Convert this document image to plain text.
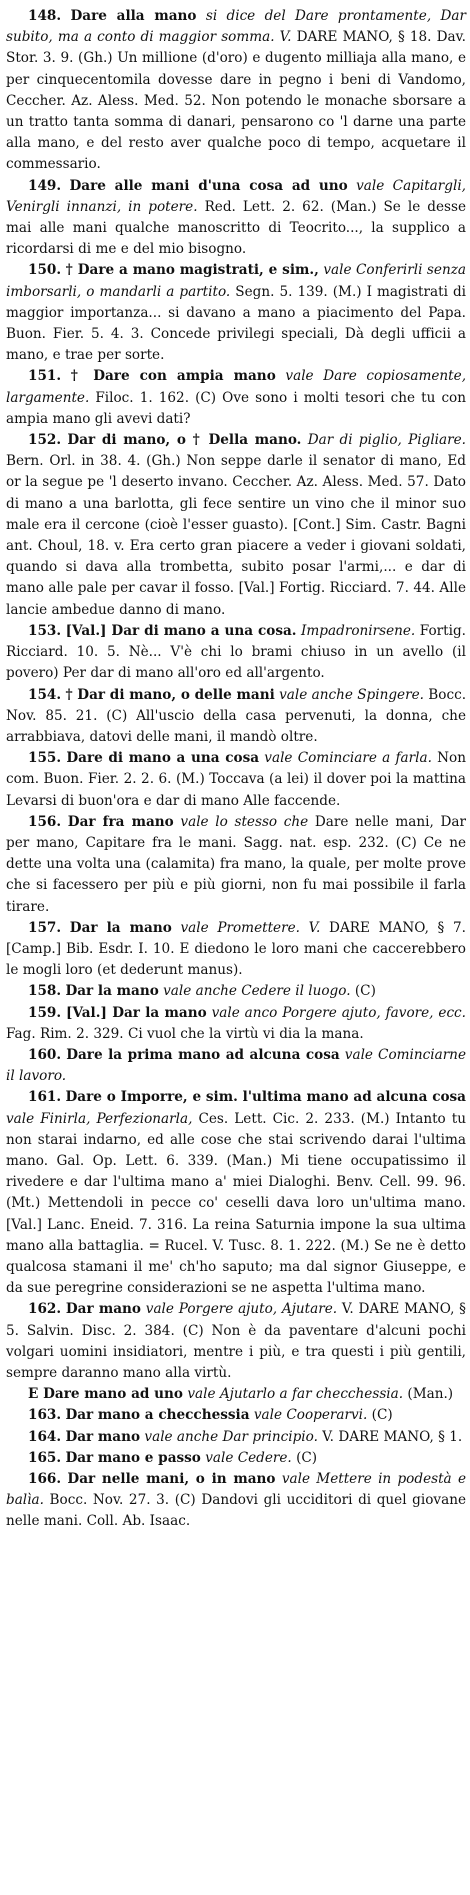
148. Dare alla mano si dice del Dare prontamente, Dar subito, ma a conto di maggior somma. V. DARE MANO, § 18. Dav. Stor. 3. 9. (Gh.) Un millione (d'oro) e dugento milliaja alla mano, e per cinquecentomila dovesse dare in pegno i beni di Vandomo, Ceccher. Az. Aless. Med. 52. Non potendo le monache sborsare a un tratto tanta somma di danari, pensarono co 'l darne una parte alla mano, e del resto aver qualche poco di tempo, acquetare il commessario.

149. Dare alle mani d'una cosa ad uno vale Capitargli, Venirgli innanzi, in potere. Red. Lett. 2. 62. (Man.) Se le desse mai alle mani qualche manoscritto di Teocrito..., la supplico a ricordarsi di me e del mio bisogno.

150. † Dare a mano magistrati, e sim., vale Conferirli senza imborsarli, o mandarli a partito. Segn. 5. 139. (M.) I magistrati di maggior importanza... si davano a mano a piacimento del Papa. Buon. Fier. 5. 4. 3. Concede privilegi speciali, Dà degli ufficii a mano, e trae per sorte.

151. † Dare con ampia mano vale Dare copiosamente, largamente. Filoc. 1. 162. (C) Ove sono i molti tesori che tu con ampia mano gli avevi dati?

152. Dar di mano, o † Della mano. Dar di piglio, Pigliare. Bern. Orl. in 38. 4. (Gh.) Non seppe darle il senator di mano, Ed or la segue pe 'l deserto invano. Ceccher. Az. Aless. Med. 57. Dato di mano a una barlotta, gli fece sentire un vino che il minor suo male era il cercone (cioè l'esser guasto). [Cont.] Sim. Castr. Bagni ant. Choul, 18. v. Era certo gran piacere a veder i giovani soldati, quando si dava alla trombetta, subito posar l'armi,... e dar di mano alle pale per cavar il fosso. [Val.] Fortig. Ricciard. 7. 44. Alle lancie ambedue danno di mano.

153. [Val.] Dar di mano a una cosa. Impadronirsene. Fortig. Ricciard. 10. 5. Nè... V'è chi lo brami chiuso in un avello (il povero) Per dar di mano all'oro ed all'argento.

154. † Dar di mano, o delle mani vale anche Spingere. Bocc. Nov. 85. 21. (C) All'uscio della casa pervenuti, la donna, che arrabbiava, datovi delle mani, il mandò oltre.

155. Dare di mano a una cosa vale Cominciare a farla. Non com. Buon. Fier. 2. 2. 6. (M.) Toccava (a lei) il dover poi la mattina Levarsi di buon'ora e dar di mano Alle faccende.

156. Dar fra mano vale lo stesso che Dare nelle mani, Dar per mano, Capitare fra le mani. Sagg. nat. esp. 232. (C) Ce ne dette una volta una (calamita) fra mano, la quale, per molte prove che si facessero per più e più giorni, non fu mai possibile il farla tirare.

157. Dar la mano vale Promettere. V. DARE MANO, § 7. [Camp.] Bib. Esdr. I. 10. E diedono le loro mani che caccerebbero le mogli loro (et dederunt manus).

158. Dar la mano vale anche Cedere il luogo. (C)

159. [Val.] Dar la mano vale anco Porgere ajuto, favore, ecc. Fag. Rim. 2. 329. Ci vuol che la virtù vi dia la mana.

160. Dare la prima mano ad alcuna cosa vale Cominciarne il lavoro.

161. Dare o Imporre, e sim. l'ultima mano ad alcuna cosa vale Finirla, Perfezionarla, Ces. Lett. Cic. 2. 233. (M.) Intanto tu non starai indarno, ed alle cose che stai scrivendo darai l'ultima mano. Gal. Op. Lett. 6. 339. (Man.) Mi tiene occupatissimo il rivedere e dar l'ultima mano a' miei Dialoghi. Benv. Cell. 99. 96. (Mt.) Mettendoli in pecce co' ceselli dava loro un'ultima mano. [Val.] Lanc. Eneid. 7. 316. La reina Saturnia impone la sua ultima mano alla battaglia. = Rucel. V. Tusc. 8. 1. 222. (M.) Se ne è detto qualcosa stamani il me' ch'ho saputo; ma dal signor Giuseppe, e da sue peregrine considerazioni se ne aspetta l'ultima mano.

162. Dar mano vale Porgere ajuto, Ajutare. V. DARE MANO, § 5. Salvin. Disc. 2. 384. (C) Non è da paventare d'alcuni pochi volgari uomini insidiatori, mentre i più, e tra questi i più gentili, sempre daranno mano alla virtù.

E Dare mano ad uno vale Ajutarlo a far checchessia. (Man.)

163. Dar mano a checchessia vale Cooperarvi. (C)

164. Dar mano vale anche Dar principio. V. DARE MANO, § 1.

165. Dar mano e passo vale Cedere. (C)

166. Dar nelle mani, o in mano vale Mettere in podestà e balìa. Bocc. Nov. 27. 3. (C) Dandovi gli ucciditori di quel giovane nelle mani. Coll. Ab. Isaac.
